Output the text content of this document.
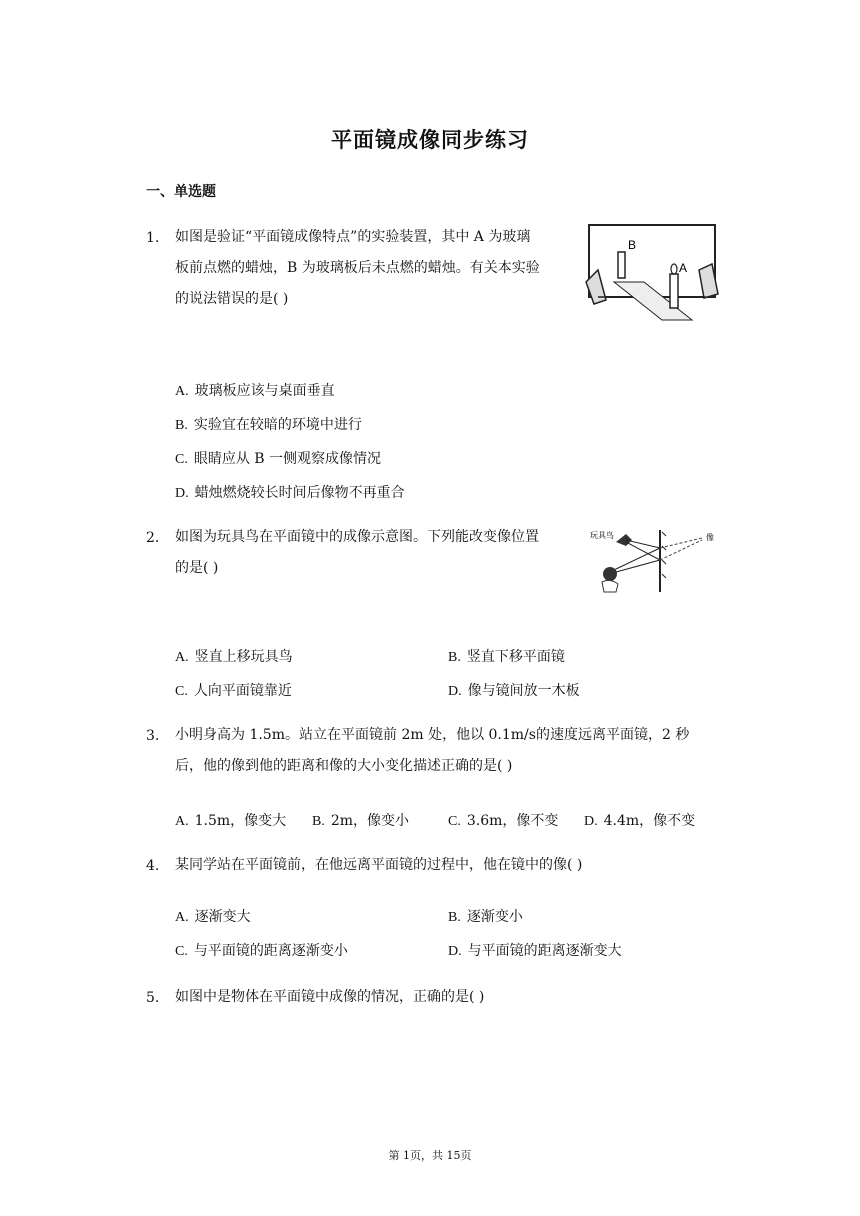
平面镜成像同步练习
一、单选题
1. 如图是验证“平面镜成像特点”的实验装置，其中 A 为玻璃
板前点燃的蜡烛，B 为玻璃板后未点燃的蜡烛。有关本实验
的说法错误的是( )
B
A
A. 玻璃板应该与桌面垂直
B. 实验宜在较暗的环境中进行
C. 眼睛应从 B 一侧观察成像情况
D. 蜡烛燃烧较长时间后像物不再重合
2. 如图为玩具鸟在平面镜中的成像示意图。下列能改变像位置
的是( )
玩具鸟	像
A. 竖直上移玩具鸟	B. 竖直下移平面镜
C. 人向平面镜靠近	D. 像与镜间放一木板
3. 小明身高为 1.5m。站立在平面镜前 2m 处，他以 0.1m/s的速度远离平面镜，2 秒
后，他的像到他的距离和像的大小变化描述正确的是( )
A. 1.5m，像变大 B. 2m，像变小	C. 3.6m，像不变 D. 4.4m，像不变
4. 某同学站在平面镜前，在他远离平面镜的过程中，他在镜中的像( )
A. 逐渐变大	B. 逐渐变小
C. 与平面镜的距离逐渐变小	D. 与平面镜的距离逐渐变大
5. 如图中是物体在平面镜中成像的情况，正确的是( )
第 1页，共 15页
